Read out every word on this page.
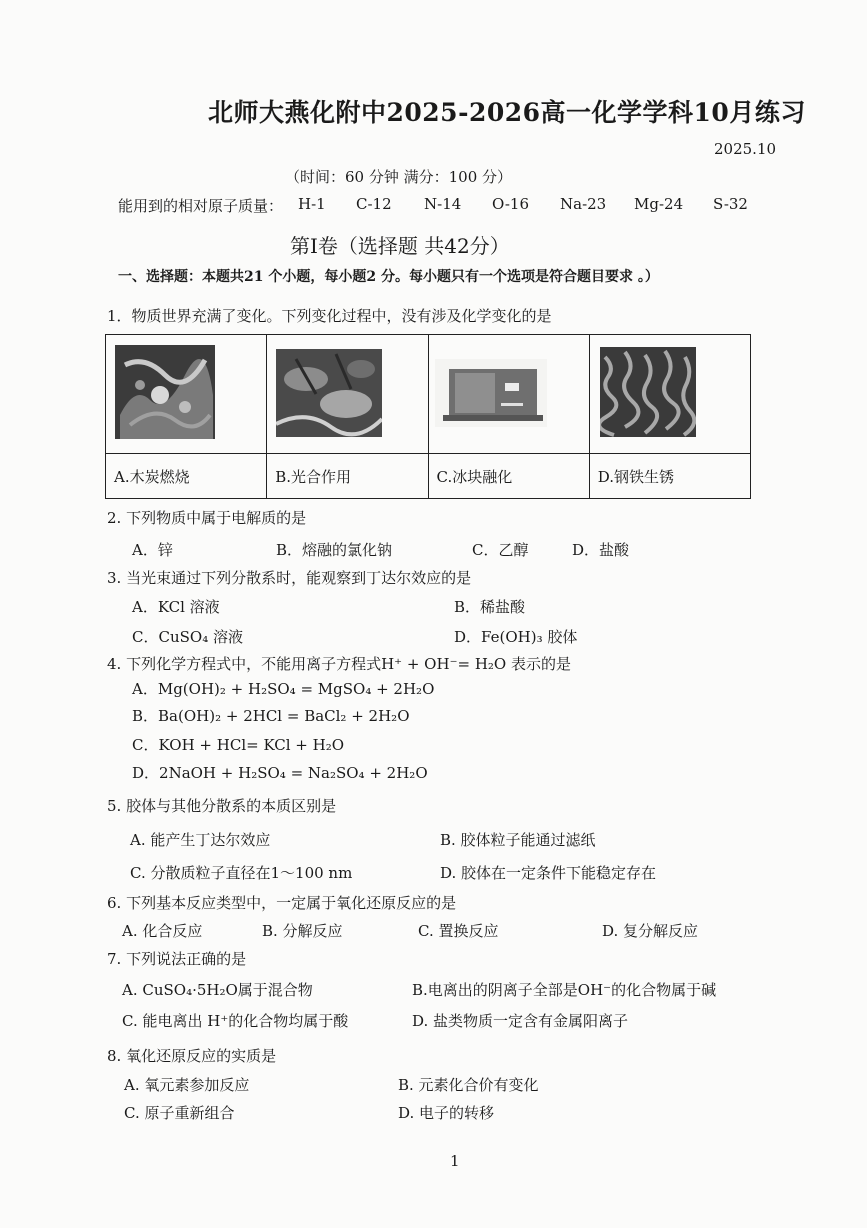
北师大燕化附中2025-2026高一化学学科10月练习
2025.10
（时间：60 分钟 满分：100 分）
能用到的相对原子质量： H-1 C-12 N-14 O-16 Na-23 Mg-24 S-32
第I卷（选择题 共42分）
一、选择题：本题共21 个小题，每小题2 分。每小题只有一个选项是符合题目要求 。）
1．物质世界充满了变化。下列变化过程中，没有涉及化学变化的是

A.木炭燃烧	B.光合作用	C.冰块融化	D.钢铁生锈
2. 下列物质中属于电解质的是
A．锌	B．熔融的氯化钠	C．乙醇	D．盐酸
3. 当光束通过下列分散系时，能观察到丁达尔效应的是
A．KCl 溶液	B．稀盐酸
C．CuSO₄ 溶液	D．Fe(OH)₃ 胶体
4. 下列化学方程式中，不能用离子方程式H⁺ + OH⁻= H₂O 表示的是
A．Mg(OH)₂ + H₂SO₄ = MgSO₄ + 2H₂O
B．Ba(OH)₂ + 2HCl = BaCl₂ + 2H₂O
C．KOH + HCl= KCl + H₂O
D．2NaOH + H₂SO₄ = Na₂SO₄ + 2H₂O
5. 胶体与其他分散系的本质区别是
A. 能产生丁达尔效应	B. 胶体粒子能通过滤纸
C. 分散质粒子直径在1～100 nm	D. 胶体在一定条件下能稳定存在
6. 下列基本反应类型中，一定属于氧化还原反应的是
A. 化合反应	B. 分解反应	C. 置换反应	D. 复分解反应
7. 下列说法正确的是
A. CuSO₄·5H₂O属于混合物	B.电离出的阴离子全部是OH⁻的化合物属于碱
C. 能电离出 H⁺的化合物均属于酸	D. 盐类物质一定含有金属阳离子
8. 氧化还原反应的实质是
A. 氧元素参加反应	B. 元素化合价有变化
C. 原子重新组合	D. 电子的转移
1
